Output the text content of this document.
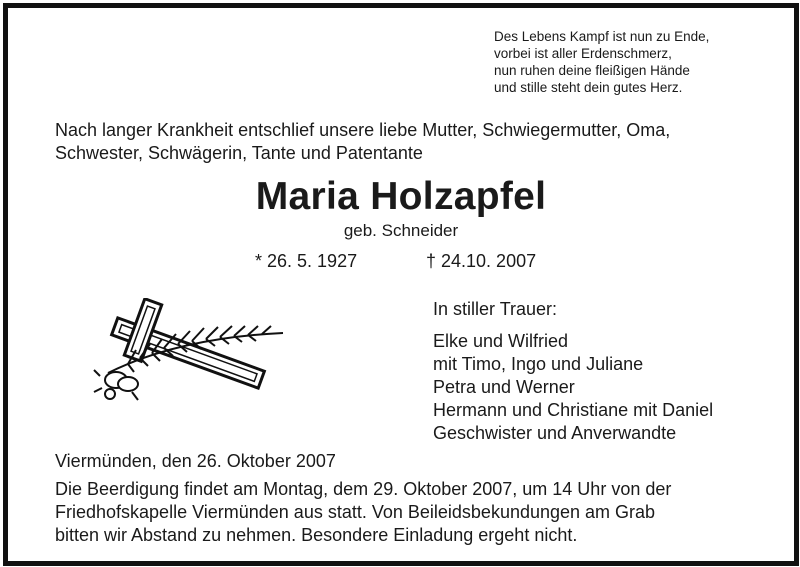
Des Lebens Kampf ist nun zu Ende,
vorbei ist aller Erdenschmerz,
nun ruhen deine fleißigen Hände
und stille steht dein gutes Herz.
Nach langer Krankheit entschlief unsere liebe Mutter, Schwiegermutter, Oma,
Schwester, Schwägerin, Tante und Patentante
Maria Holzapfel
geb. Schneider
* 26. 5. 1927	† 24.10. 2007
In stiller Trauer:
Elke und Wilfried
mit Timo, Ingo und Juliane
Petra und Werner
Hermann und Christiane mit Daniel
Geschwister und Anverwandte
Viermünden, den 26. Oktober 2007
Die Beerdigung findet am Montag, dem 29. Oktober 2007, um 14 Uhr von der
Friedhofskapelle Viermünden aus statt. Von Beileidsbekundungen am Grab
bitten wir Abstand zu nehmen. Besondere Einladung ergeht nicht.
